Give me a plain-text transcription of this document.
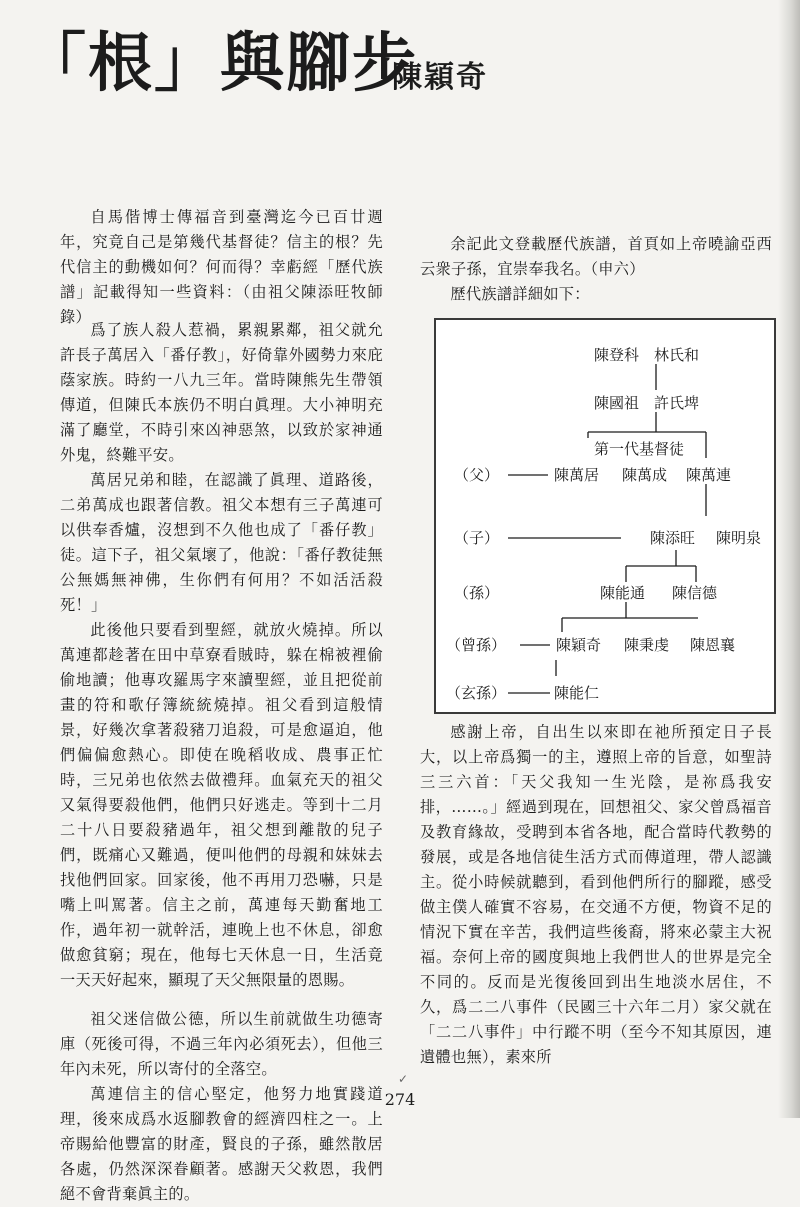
「根」與腳步
陳穎奇

自馬偕博士傳福音到臺灣迄今已百廿週年，究竟自己是第幾代基督徒？信主的根？先代信主的動機如何？何而得？幸虧經「歷代族譜」記載得知一些資料：（由祖父陳添旺牧師錄）

爲了族人殺人惹禍，累親累鄰，祖父就允許長子萬居入「番仔教」，好倚靠外國勢力來庇蔭家族。時約一八九三年。當時陳熊先生帶領傳道，但陳氏本族仍不明白眞理。大小神明充滿了廳堂，不時引來凶神惡煞，以致於家神通外鬼，終難平安。

萬居兄弟和睦，在認識了眞理、道路後，二弟萬成也跟著信教。祖父本想有三子萬連可以供奉香爐，沒想到不久他也成了「番仔教」徒。這下子，祖父氣壞了，他說：「番仔教徒無公無媽無神佛，生你們有何用？不如活活殺死！」

此後他只要看到聖經，就放火燒掉。所以萬連都趁著在田中草寮看賊時，躲在棉被裡偷偷地讀；他專攻羅馬字來讀聖經，並且把從前畫的符和歌仔簿統統燒掉。祖父看到這般情景，好幾次拿著殺豬刀追殺，可是愈逼迫，他們偏偏愈熱心。即使在晚稻收成、農事正忙時，三兄弟也依然去做禮拜。血氣充天的祖父又氣得要殺他們，他們只好逃走。等到十二月二十八日要殺豬過年，祖父想到離散的兒子們，既痛心又難過，便叫他們的母親和妹妹去找他們回家。回家後，他不再用刀恐嚇，只是嘴上叫罵著。信主之前，萬連每天勤奮地工作，過年初一就幹活，連晚上也不休息，卻愈做愈貧窮；現在，他每七天休息一日，生活竟一天天好起來，顯現了天父無限量的恩賜。

祖父迷信做公德，所以生前就做生功德寄庫（死後可得，不過三年內必須死去），但他三年內未死，所以寄付的全落空。

萬連信主的信心堅定，他努力地實踐道理，後來成爲水返腳教會的經濟四柱之一。上帝賜給他豐富的財產，賢良的子孫，雖然散居各處，仍然深深眷顧著。感謝天父救恩，我們絕不會背棄眞主的。

余記此文登載歷代族譜，首頁如上帝曉諭亞西云衆子孫，宜崇奉我名。（申六）

歷代族譜詳細如下：

陳登科　林氏和
陳國祖　許氏埤
第一代基督徒
（父）	陳萬居 陳萬成 陳萬連
（子）	陳添旺 陳明泉
（孫）	陳能通 陳信德
（曾孫）	陳穎奇 陳秉虔 陳恩襄
（玄孫）	陳能仁

感謝上帝，自出生以來即在祂所預定日子長大，以上帝爲獨一的主，遵照上帝的旨意，如聖詩三三六首：「天父我知一生光陰，是祢爲我安排，……。」經過到現在，回想祖父、家父曾爲福音及教育緣故，受聘到本省各地，配合當時代教勢的發展，或是各地信徒生活方式而傳道理，帶人認識主。從小時候就聽到，看到他們所行的腳蹤，感受做主僕人確實不容易，在交通不方便，物資不足的情況下實在辛苦，我們這些後裔，將來必蒙主大祝福。奈何上帝的國度與地上我們世人的世界是完全不同的。反而是光復後回到出生地淡水居住，不久，爲二二八事件（民國三十六年二月）家父就在「二二八事件」中行蹤不明（至今不知其原因，連遺體也無），素來所

✓
274
